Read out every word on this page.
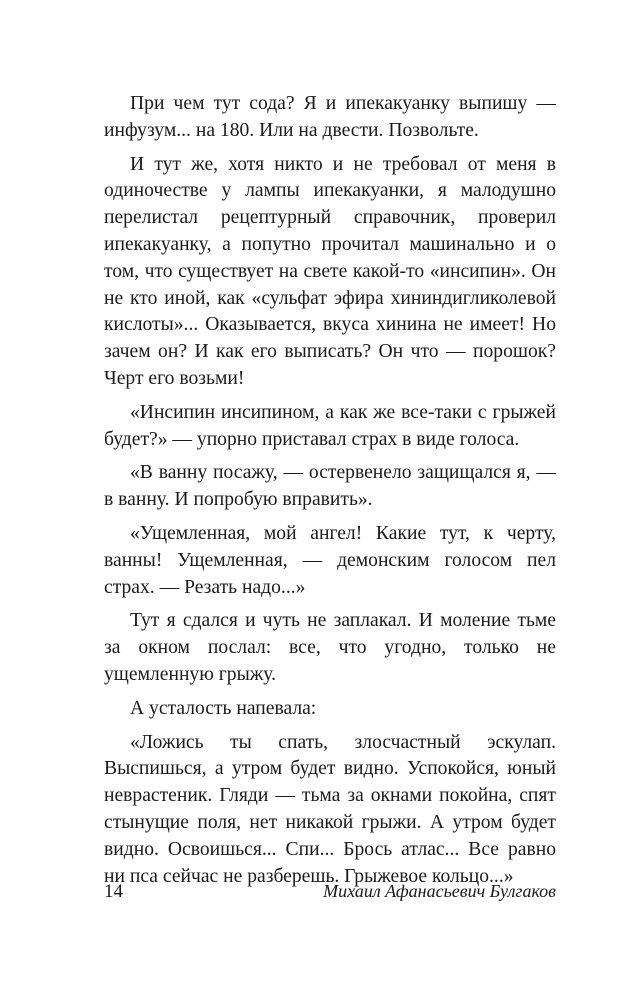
При чем тут сода? Я и ипекакуанку выпишу — инфузум... на 180. Или на двести. Позвольте.

И тут же, хотя никто и не требовал от меня в одиночестве у лампы ипекакуанки, я малодушно перелистал рецептурный справочник, проверил ипекакуанку, а попутно прочитал машинально и о том, что существует на свете какой-то «инсипин». Он не кто иной, как «сульфат эфира хининдигликолевой кислоты»... Оказывается, вкуса хинина не имеет! Но зачем он? И как его выписать? Он что — порошок? Черт его возьми!

«Инсипин инсипином, а как же все-таки с грыжей будет?» — упорно приставал страх в виде голоса.

«В ванну посажу, — остервенело защищался я, — в ванну. И попробую вправить».

«Ущемленная, мой ангел! Какие тут, к черту, ванны! Ущемленная, — демонским голосом пел страх. — Резать надо...»

Тут я сдался и чуть не заплакал. И моление тьме за окном послал: все, что угодно, только не ущемленную грыжу.

А усталость напевала:

«Ложись ты спать, злосчастный эскулап. Выспишься, а утром будет видно. Успокойся, юный неврастеник. Гляди — тьма за окнами покойна, спят стынущие поля, нет никакой грыжи. А утром будет видно. Освоишься... Спи... Брось атлас... Все равно ни пса сейчас не разберешь. Грыжевое кольцо...»

14	Михаил Афанасьевич Булгаков
